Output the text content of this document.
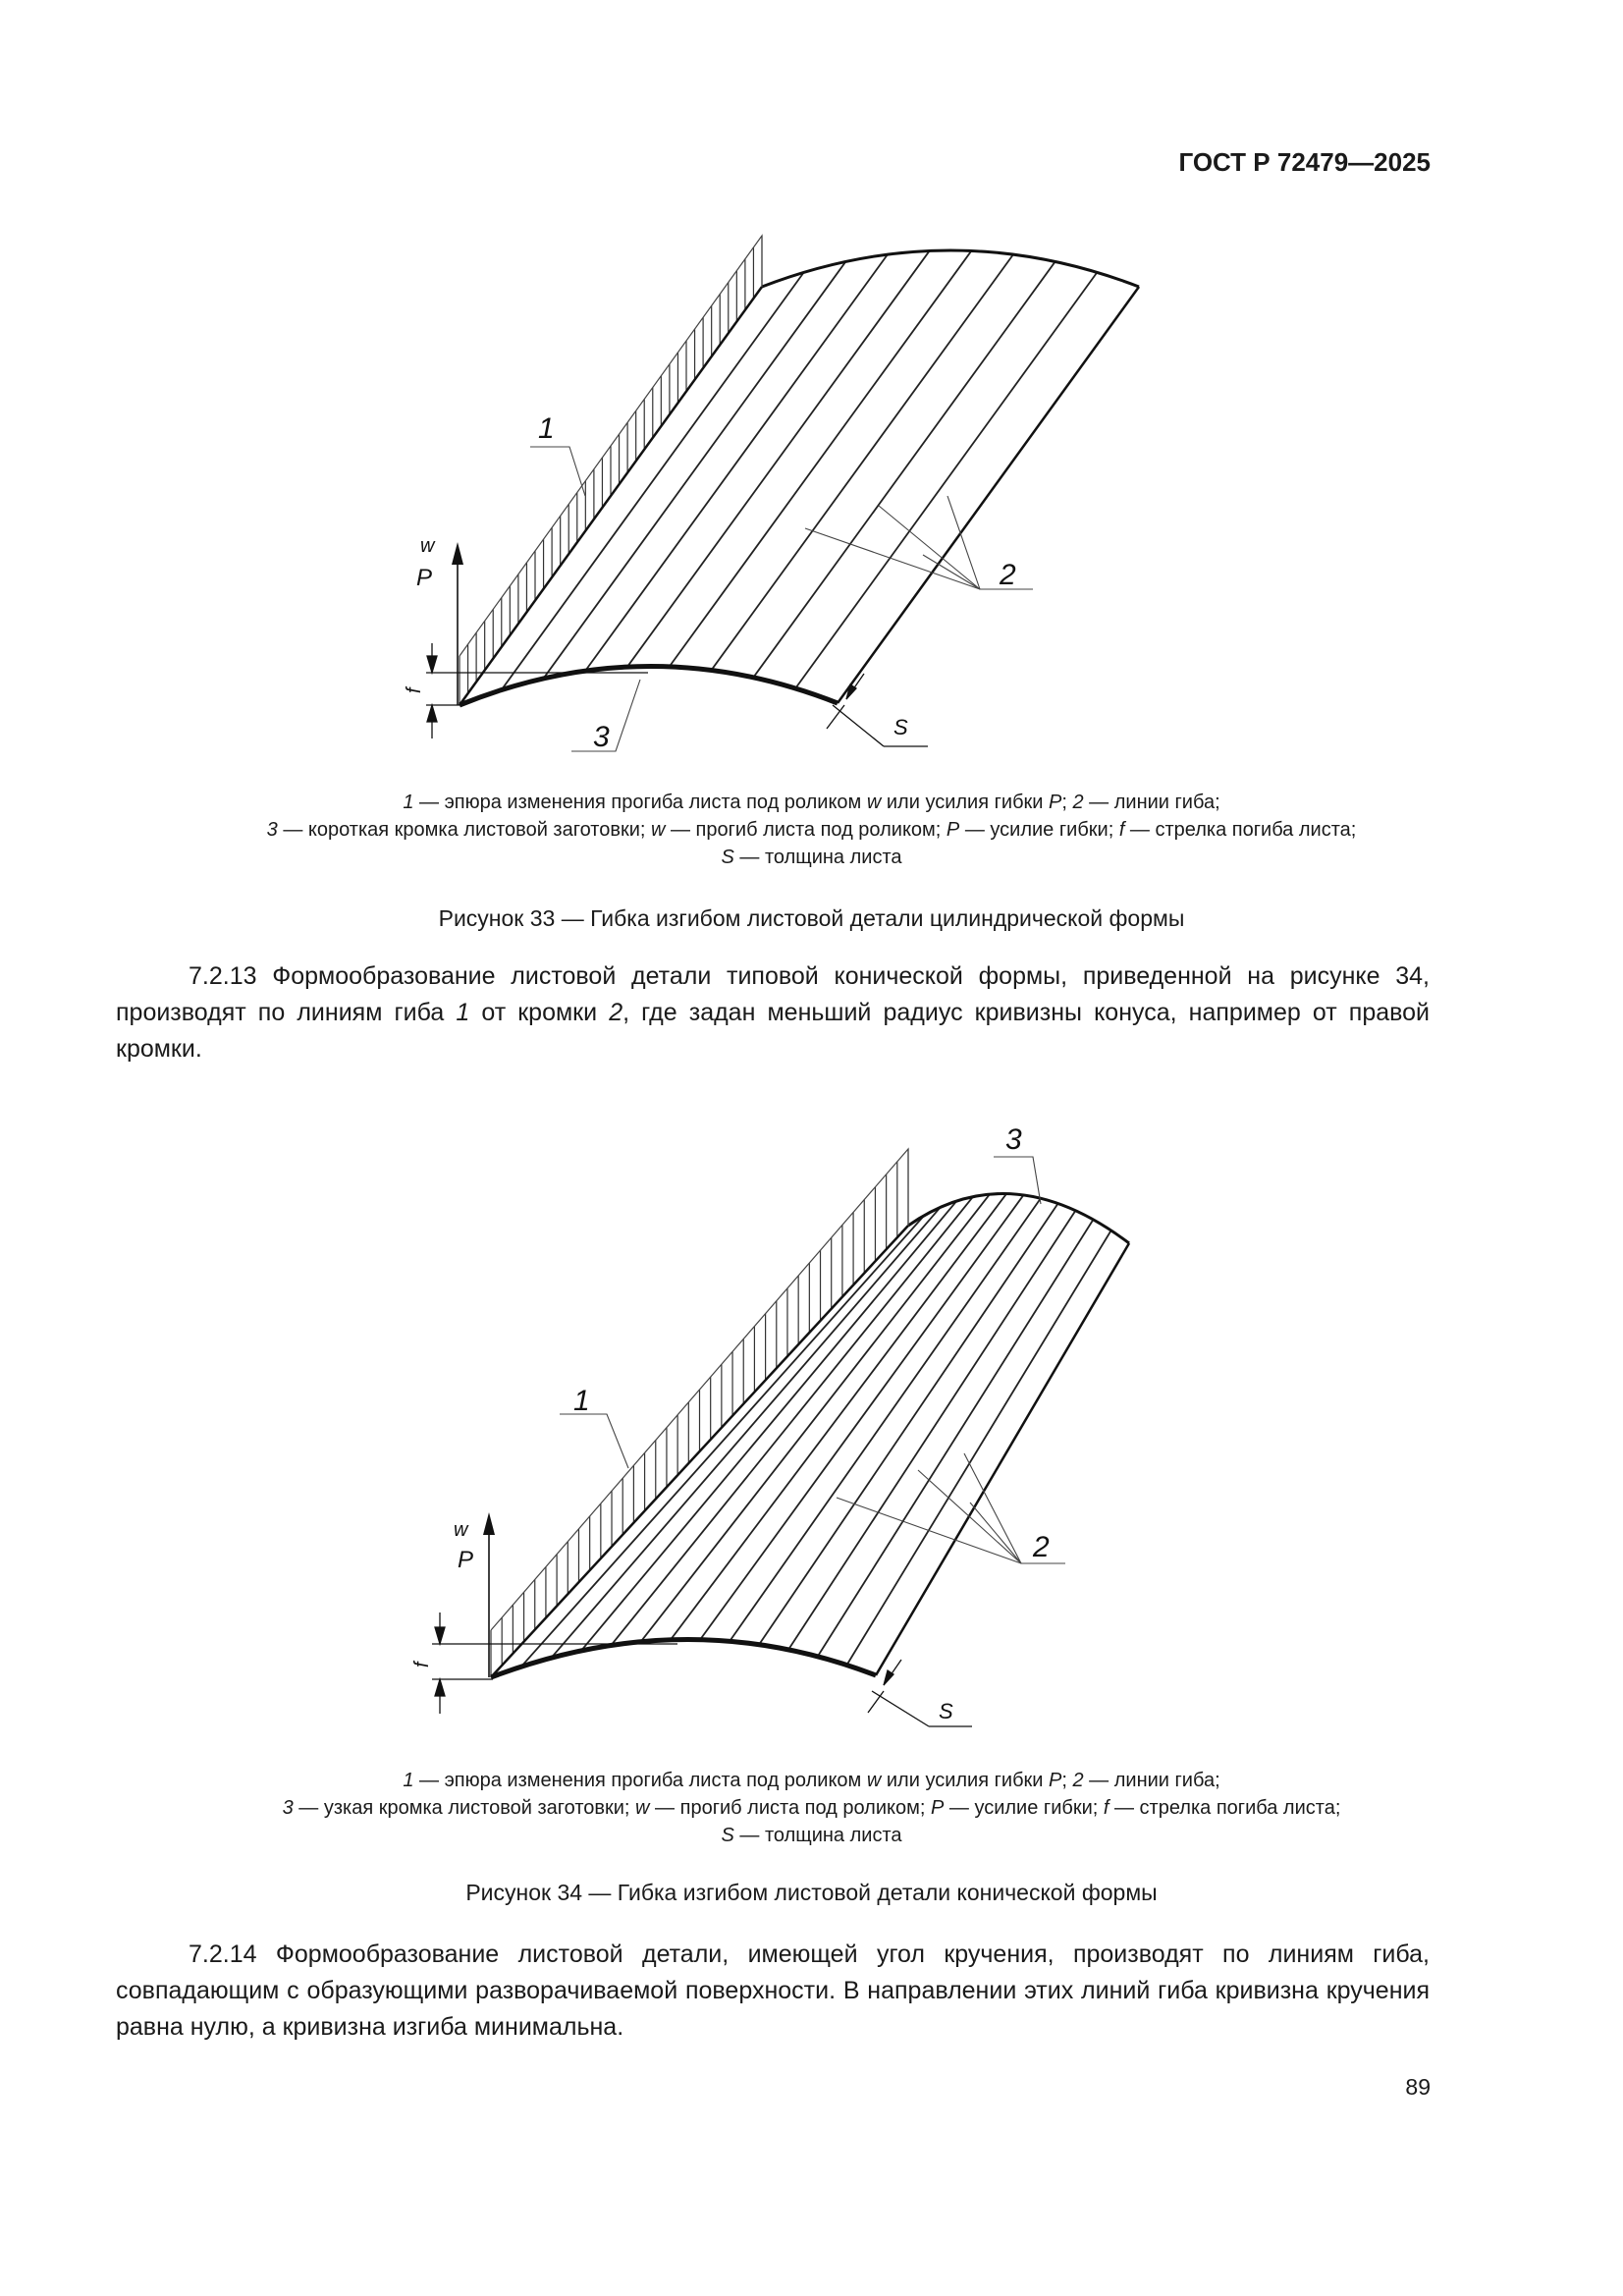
ГОСТ Р 72479—2025
1
2
3
w
P
f
S
1 — эпюра изменения прогиба листа под роликом w или усилия гибки P; 2 — линии гиба;
3 — короткая кромка листовой заготовки; w — прогиб листа под роликом; P — усилие гибки; f — стрелка погиба листа;
S — толщина листа
Рисунок 33 — Гибка изгибом листовой детали цилиндрической формы
7.2.13 Формообразование листовой детали типовой конической формы, приведенной на рисунке 34, производят по линиям гиба 1 от кромки 2, где задан меньший радиус кривизны конуса, например от правой кромки.
1
2
3
w
P
f
S
1 — эпюра изменения прогиба листа под роликом w или усилия гибки P; 2 — линии гиба;
3 — узкая кромка листовой заготовки; w — прогиб листа под роликом; P — усилие гибки; f — стрелка погиба листа;
S — толщина листа
Рисунок 34 — Гибка изгибом листовой детали конической формы
7.2.14 Формообразование листовой детали, имеющей угол кручения, производят по линиям гиба, совпадающим с образующими разворачиваемой поверхности. В направлении этих линий гиба кривизна кручения равна нулю, а кривизна изгиба минимальна.
89
